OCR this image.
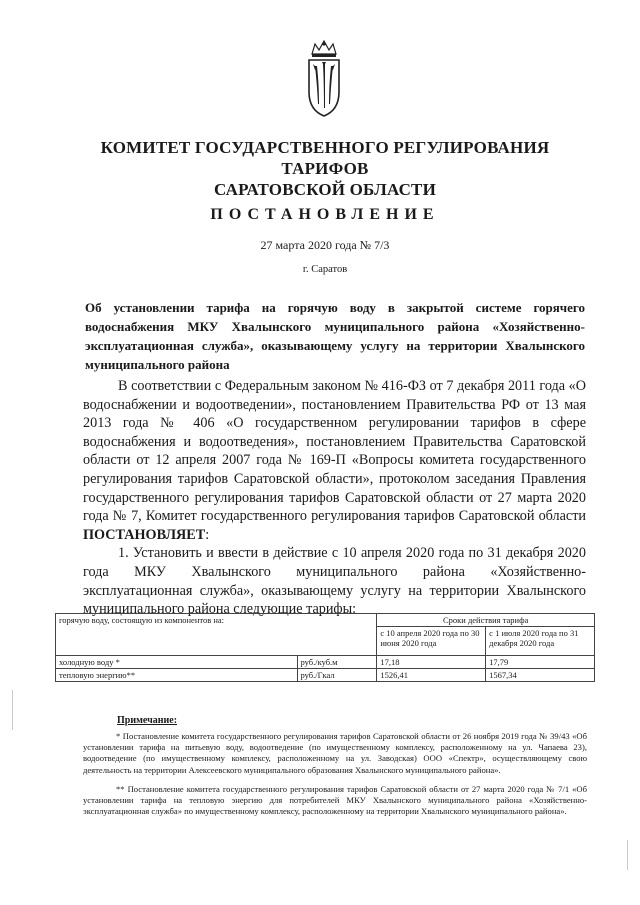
КОМИТЕТ ГОСУДАРСТВЕННОГО РЕГУЛИРОВАНИЯ ТАРИФОВ
САРАТОВСКОЙ ОБЛАСТИ
ПОСТАНОВЛЕНИЕ
27 марта 2020 года № 7/3
г. Саратов
Об установлении тарифа на горячую воду в закрытой системе горячего водоснабжения МКУ Хвалынского муниципального района «Хозяйственно-эксплуатационная служба», оказывающему услугу на территории Хвалынского муниципального района

В соответствии с Федеральным законом № 416-ФЗ от 7 декабря 2011 года «О водоснабжении и водоотведении», постановлением Правительства РФ от 13 мая 2013 года № 406 «О государственном регулировании тарифов в сфере водоснабжения и водоотведения», постановлением Правительства Саратовской области от 12 апреля 2007 года № 169-П «Вопросы комитета государственного регулирования тарифов Саратовской области», протоколом заседания Правления государственного регулирования тарифов Саратовской области от 27 марта 2020 года № 7, Комитет государственного регулирования тарифов Саратовской области ПОСТАНОВЛЯЕТ:

1. Установить и ввести в действие с 10 апреля 2020 года по 31 декабря 2020 года МКУ Хвалынского муниципального района «Хозяйственно-эксплуатационная служба», оказывающему услугу на территории Хвалынского муниципального района следующие тарифы:

горячую воду, состоящую из компонентов на:		Сроки действия тарифа	
		с 10 апреля 2020 года по 30 июня 2020 года	с 1 июля 2020 года по 31 декабря 2020 года
холодную воду *	руб./куб.м	17,18	17,79
тепловую энергию**	руб./Гкал	1526,41	1567,34
Примечание:

* Постановление комитета государственного регулирования тарифов Саратовской области от 26 ноября 2019 года № 39/43 «Об установлении тарифа на питьевую воду, водоотведение (по имущественному комплексу, расположенному на ул. Чапаева 23), водоотведение (по имущественному комплексу, расположенному на ул. Заводская) ООО «Спектр», осуществляющему свою деятельность на территории Алексеевского муниципального образования Хвалынского муниципального района».

** Постановление комитета государственного регулирования тарифов Саратовской области от 27 марта 2020 года № 7/1 «Об установлении тарифа на тепловую энергию для потребителей МКУ Хвалынского муниципального района «Хозяйственно-эксплуатационная служба» по имущественному комплексу, расположенному на территории Хвалынского муниципального района».
